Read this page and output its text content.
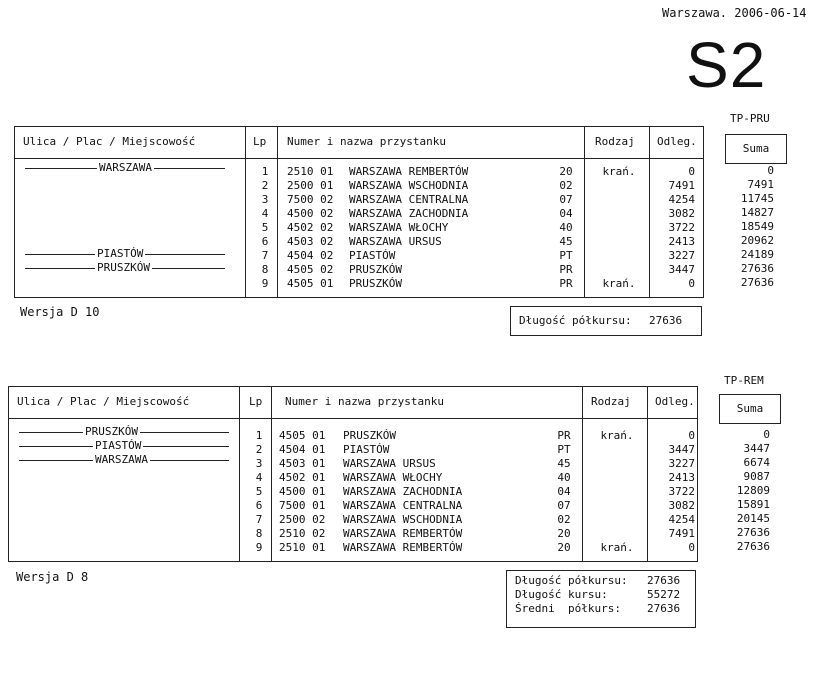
Warszawa. 2006-06-14
S2
TP-PRU
Suma
Ulica / Plac / Miejscowość	Lp Numer i nazwa przystanku	Rodzaj Odleg.
1	2510 01 WARSZAWA REMBERTÓW	20	krań.	0
2	2500 01 WARSZAWA WSCHODNIA	02	7491
3	7500 02 WARSZAWA CENTRALNA	07	4254
4	4500 02 WARSZAWA ZACHODNIA	04	3082
5	4502 02 WARSZAWA WŁOCHY	40	3722
6	4503 02 WARSZAWA URSUS	45	2413
7	4504 02 PIASTÓW	PT	3227
8	4505 02 PRUSZKÓW	PR	3447
9	4505 01 PRUSZKÓW	PR	krań.	0
WARSZAWA
PIASTÓW
PRUSZKÓW
0
7491
11745
14827
18549
20962
24189
27636
27636
Wersja D 10
Długość półkursu: 27636
TP-REM
Suma
Ulica / Plac / Miejscowość	Lp Numer i nazwa przystanku	Rodzaj Odleg.
1	4505 01 PRUSZKÓW	PR	krań.	0
2	4504 01 PIASTÓW	PT	3447
3	4503 01 WARSZAWA URSUS	45	3227
4	4502 01 WARSZAWA WŁOCHY	40	2413
5	4500 01 WARSZAWA ZACHODNIA	04	3722
6	7500 01 WARSZAWA CENTRALNA	07	3082
7	2500 02 WARSZAWA WSCHODNIA	02	4254
8	2510 02 WARSZAWA REMBERTÓW	20	7491
9	2510 01 WARSZAWA REMBERTÓW	20	krań.	0
PRUSZKÓW
PIASTÓW
WARSZAWA
0
3447
6674
9087
12809
15891
20145
27636
27636
Wersja D 8	Długość półkursu: 27636
Długość kursu:	55272
Średni  półkurs: 27636
